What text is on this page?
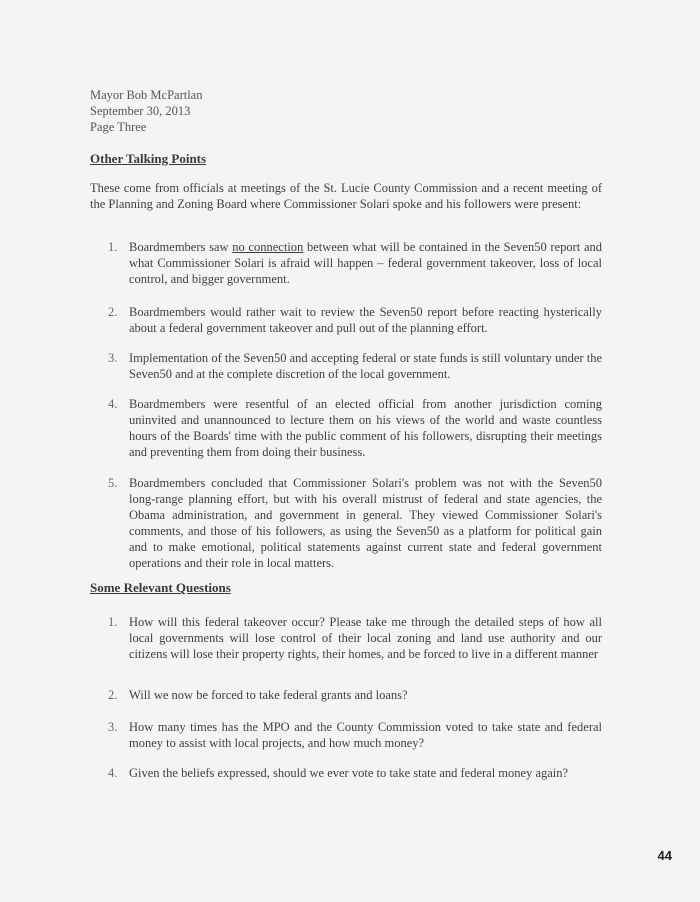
Mayor Bob McPartlan
September 30, 2013
Page Three
Other Talking Points
These come from officials at meetings of the St. Lucie County Commission and a recent meeting of the Planning and Zoning Board where Commissioner Solari spoke and his followers were present:
1. Boardmembers saw no connection between what will be contained in the Seven50 report and what Commissioner Solari is afraid will happen – federal government takeover, loss of local control, and bigger government.
2. Boardmembers would rather wait to review the Seven50 report before reacting hysterically about a federal government takeover and pull out of the planning effort.
3. Implementation of the Seven50 and accepting federal or state funds is still voluntary under the Seven50 and at the complete discretion of the local government.
4. Boardmembers were resentful of an elected official from another jurisdiction coming uninvited and unannounced to lecture them on his views of the world and waste countless hours of the Boards' time with the public comment of his followers, disrupting their meetings and preventing them from doing their business.
5. Boardmembers concluded that Commissioner Solari's problem was not with the Seven50 long-range planning effort, but with his overall mistrust of federal and state agencies, the Obama administration, and government in general. They viewed Commissioner Solari's comments, and those of his followers, as using the Seven50 as a platform for political gain and to make emotional, political statements against current state and federal government operations and their role in local matters.
Some Relevant Questions
1. How will this federal takeover occur? Please take me through the detailed steps of how all local governments will lose control of their local zoning and land use authority and our citizens will lose their property rights, their homes, and be forced to live in a different manner
2. Will we now be forced to take federal grants and loans?
3. How many times has the MPO and the County Commission voted to take state and federal money to assist with local projects, and how much money?
4. Given the beliefs expressed, should we ever vote to take state and federal money again?
44
